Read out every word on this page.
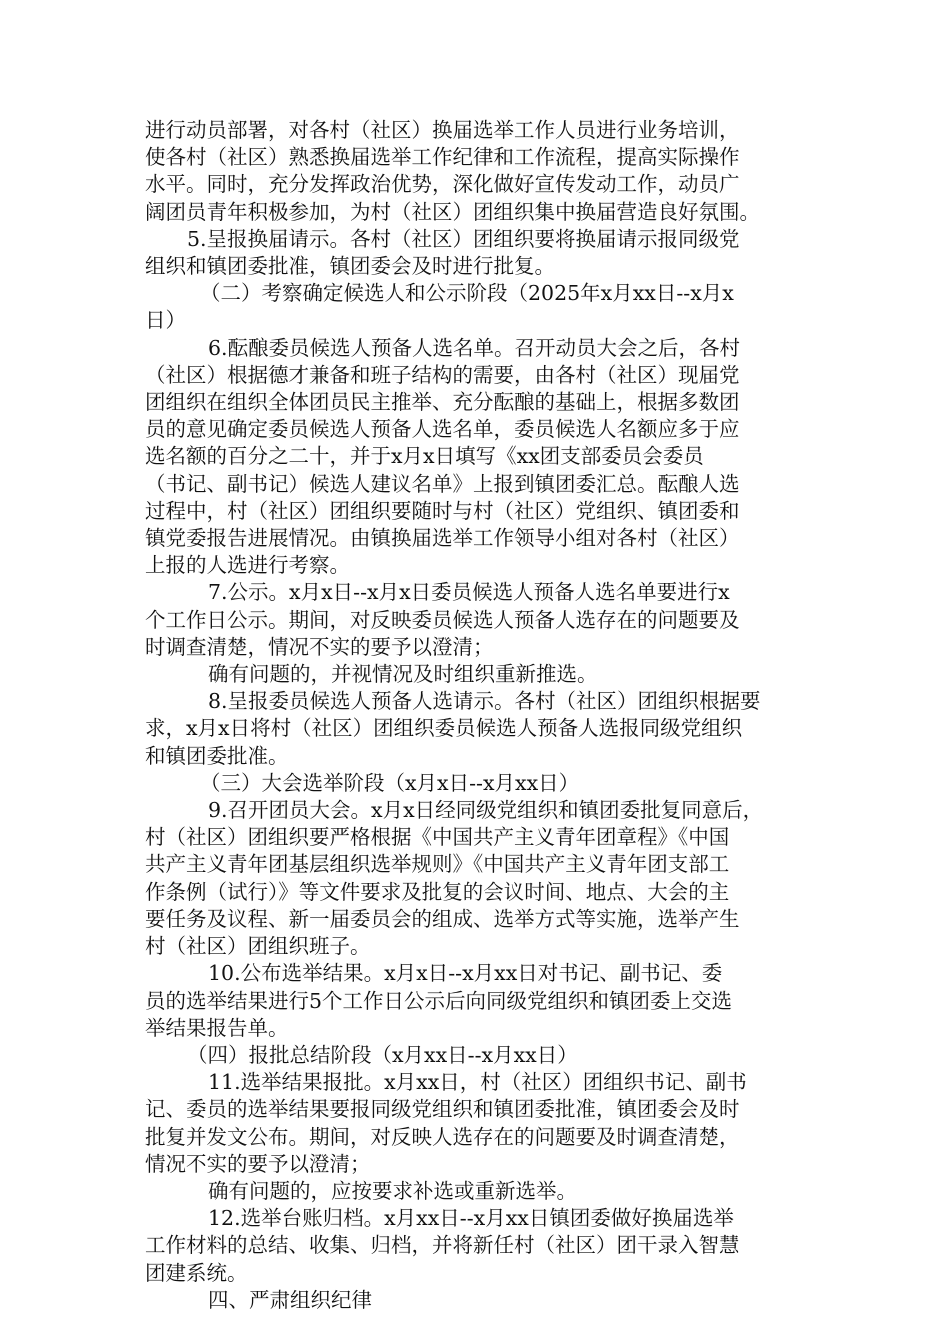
进行动员部署，对各村（社区）换届选举工作人员进行业务培训，
使各村（社区）熟悉换届选举工作纪律和工作流程，提高实际操作
水平。同时，充分发挥政治优势，深化做好宣传发动工作，动员广
阔团员青年积极参加，为村（社区）团组织集中换届营造良好氛围。
5.呈报换届请示。各村（社区）团组织要将换届请示报同级党
组织和镇团委批准，镇团委会及时进行批复。
（二）考察确定候选人和公示阶段（2025年x月xx日--x月x
日）
6.酝酿委员候选人预备人选名单。召开动员大会之后，各村
（社区）根据德才兼备和班子结构的需要，由各村（社区）现届党
团组织在组织全体团员民主推举、充分酝酿的基础上，根据多数团
员的意见确定委员候选人预备人选名单，委员候选人名额应多于应
选名额的百分之二十，并于x月x日填写《xx团支部委员会委员
（书记、副书记）候选人建议名单》上报到镇团委汇总。酝酿人选
过程中，村（社区）团组织要随时与村（社区）党组织、镇团委和
镇党委报告进展情况。由镇换届选举工作领导小组对各村（社区）
上报的人选进行考察。
7.公示。x月x日--x月x日委员候选人预备人选名单要进行x
个工作日公示。期间，对反映委员候选人预备人选存在的问题要及
时调查清楚，情况不实的要予以澄清；
确有问题的，并视情况及时组织重新推选。
8.呈报委员候选人预备人选请示。各村（社区）团组织根据要
求，x月x日将村（社区）团组织委员候选人预备人选报同级党组织
和镇团委批准。
（三）大会选举阶段（x月x日--x月xx日）
9.召开团员大会。x月x日经同级党组织和镇团委批复同意后，
村（社区）团组织要严格根据《中国共产主义青年团章程》《中国
共产主义青年团基层组织选举规则》《中国共产主义青年团支部工
作条例（试行）》等文件要求及批复的会议时间、地点、大会的主
要任务及议程、新一届委员会的组成、选举方式等实施，选举产生
村（社区）团组织班子。
10.公布选举结果。x月x日--x月xx日对书记、副书记、委
员的选举结果进行5个工作日公示后向同级党组织和镇团委上交选
举结果报告单。
（四）报批总结阶段（x月xx日--x月xx日）
11.选举结果报批。x月xx日，村（社区）团组织书记、副书
记、委员的选举结果要报同级党组织和镇团委批准，镇团委会及时
批复并发文公布。期间，对反映人选存在的问题要及时调查清楚，
情况不实的要予以澄清；
确有问题的，应按要求补选或重新选举。
12.选举台账归档。x月xx日--x月xx日镇团委做好换届选举
工作材料的总结、收集、归档，并将新任村（社区）团干录入智慧
团建系统。
四、严肃组织纪律
